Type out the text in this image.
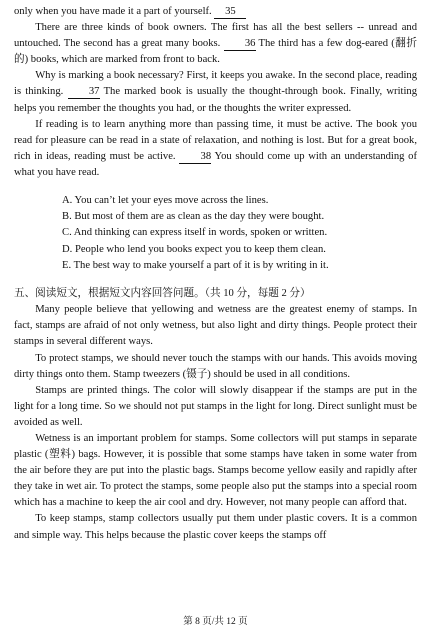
only when you have made it a part of yourself. 35

There are three kinds of book owners. The first has all the best sellers -- unread and untouched. The second has a great many books. 36 The third has a few dog-eared (翻折的) books, which are marked from front to back.

Why is marking a book necessary? First, it keeps you awake. In the second place, reading is thinking. 37 The marked book is usually the thought-through book. Finally, writing helps you remember the thoughts you had, or the thoughts the writer expressed.

If reading is to learn anything more than passing time, it must be active. The book you read for pleasure can be read in a state of relaxation, and nothing is lost. But for a great book, rich in ideas, reading must be active. 38 You should come up with an understanding of what you have read.

A. You can’t let your eyes move across the lines.

B. But most of them are as clean as the day they were bought.

C. And thinking can express itself in words, spoken or written.

D. People who lend you books expect you to keep them clean.

E. The best way to make yourself a part of it is by writing in it.

五、阅读短文，根据短文内容回答问题。（共 10 分，每题 2 分）

Many people believe that yellowing and wetness are the greatest enemy of stamps. In fact, stamps are afraid of not only wetness, but also light and dirty things. People protect their stamps in several different ways.

To protect stamps, we should never touch the stamps with our hands. This avoids moving dirty things onto them. Stamp tweezers (镊子) should be used in all conditions.

Stamps are printed things. The color will slowly disappear if the stamps are put in the light for a long time. So we should not put stamps in the light for long. Direct sunlight must be avoided as well.

Wetness is an important problem for stamps. Some collectors will put stamps in separate plastic (塑料) bags. However, it is possible that some stamps have taken in some water from the air before they are put into the plastic bags. Stamps become yellow easily and rapidly after they take in wet air. To protect the stamps, some people also put the stamps into a special room which has a machine to keep the air cool and dry. However, not many people can afford that.

To keep stamps, stamp collectors usually put them under plastic covers. It is a common and simple way. This helps because the plastic cover keeps the stamps off

第 8 页/共 12 页
